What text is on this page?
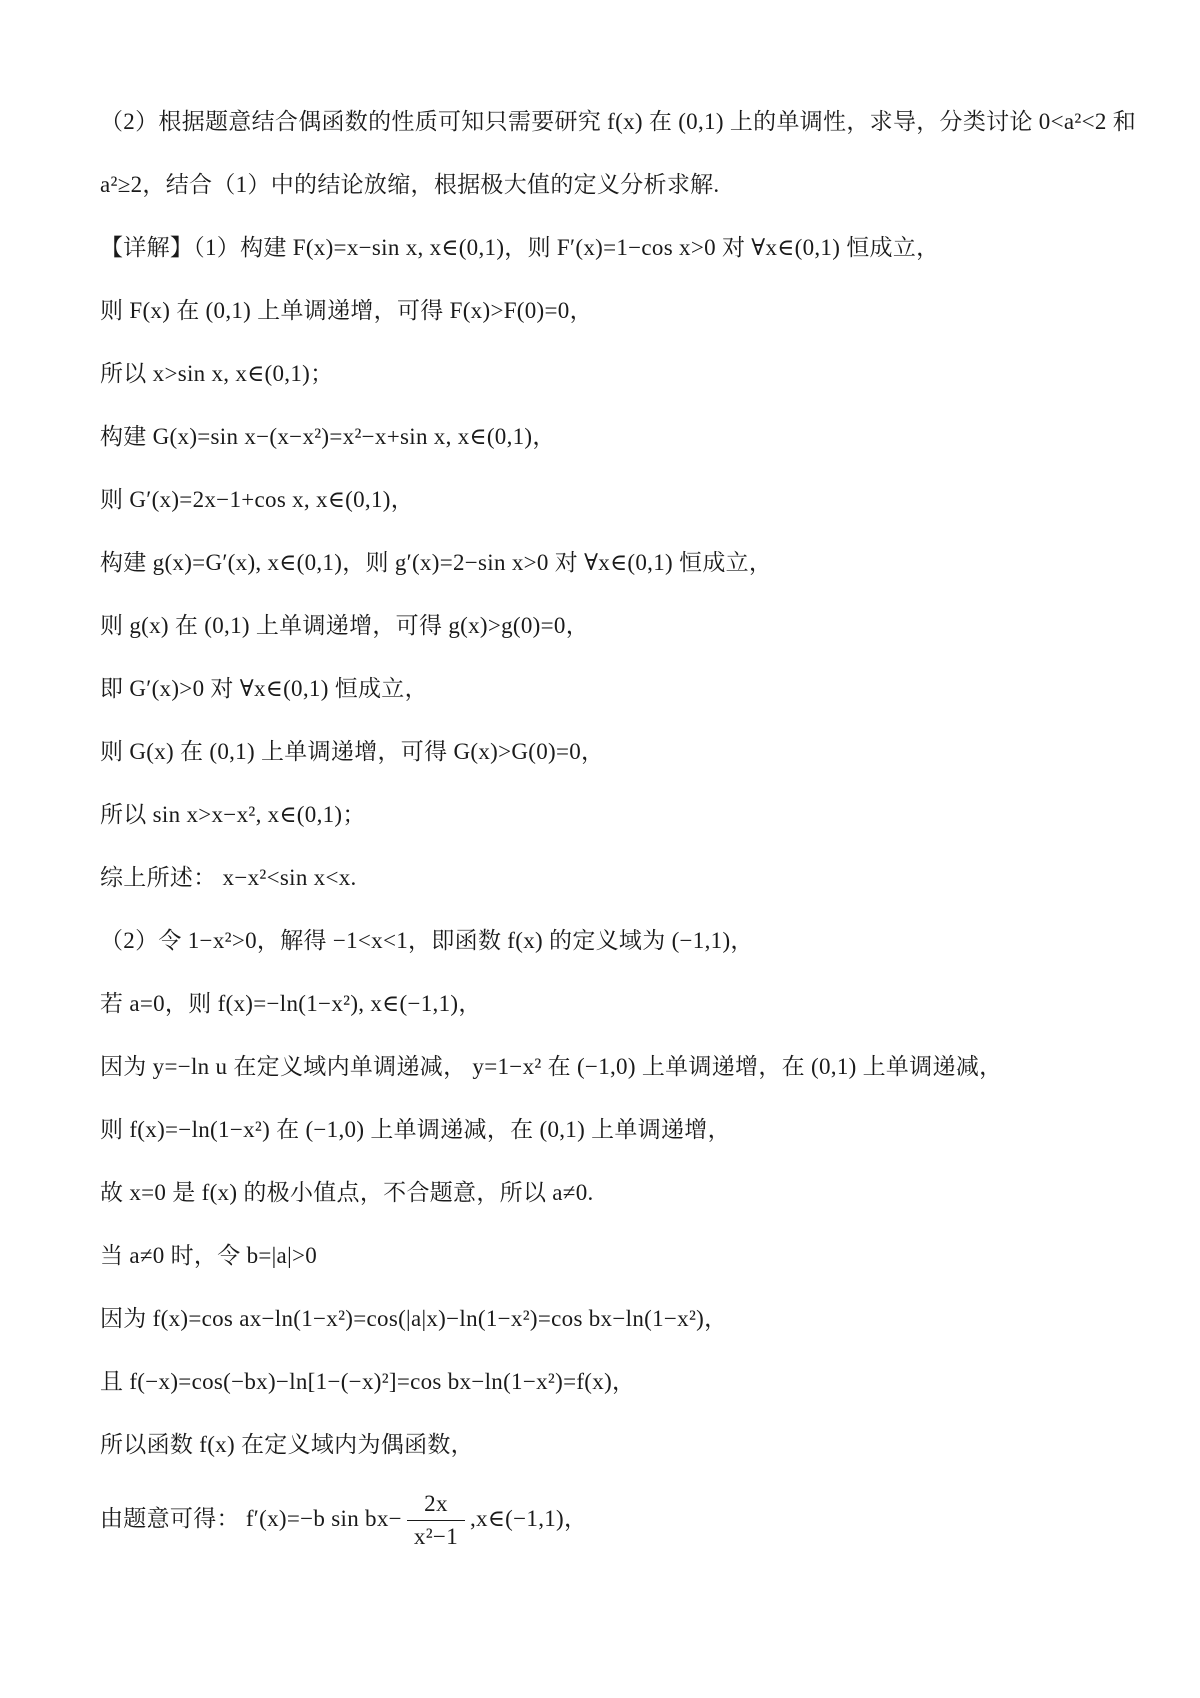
（2）根据题意结合偶函数的性质可知只需要研究 f(x) 在 (0,1) 上的单调性，求导，分类讨论 0<a²<2 和

a²≥2，结合（1）中的结论放缩，根据极大值的定义分析求解.

【详解】（1）构建 F(x)=x−sin x, x∈(0,1)，则 F′(x)=1−cos x>0 对 ∀x∈(0,1) 恒成立，

则 F(x) 在 (0,1) 上单调递增，可得 F(x)>F(0)=0，

所以 x>sin x, x∈(0,1)；

构建 G(x)=sin x−(x−x²)=x²−x+sin x, x∈(0,1)，

则 G′(x)=2x−1+cos x, x∈(0,1)，

构建 g(x)=G′(x), x∈(0,1)，则 g′(x)=2−sin x>0 对 ∀x∈(0,1) 恒成立，

则 g(x) 在 (0,1) 上单调递增，可得 g(x)>g(0)=0，

即 G′(x)>0 对 ∀x∈(0,1) 恒成立，

则 G(x) 在 (0,1) 上单调递增，可得 G(x)>G(0)=0，

所以 sin x>x−x², x∈(0,1)；

综上所述： x−x²<sin x<x.

（2）令 1−x²>0，解得 −1<x<1，即函数 f(x) 的定义域为 (−1,1)，

若 a=0，则 f(x)=−ln(1−x²), x∈(−1,1)，

因为 y=−ln u 在定义域内单调递减， y=1−x² 在 (−1,0) 上单调递增，在 (0,1) 上单调递减，

则 f(x)=−ln(1−x²) 在 (−1,0) 上单调递减，在 (0,1) 上单调递增，

故 x=0 是 f(x) 的极小值点，不合题意，所以 a≠0.

当 a≠0 时，令 b=|a|>0

因为 f(x)=cos ax−ln(1−x²)=cos(|a|x)−ln(1−x²)=cos bx−ln(1−x²)，

且 f(−x)=cos(−bx)−ln[1−(−x)²]=cos bx−ln(1−x²)=f(x)，

所以函数 f(x) 在定义域内为偶函数，

由题意可得： f′(x)=−b $\sin bx- \frac{2x}{\text{x²−1}}$ ,x∈(−1,1)，
